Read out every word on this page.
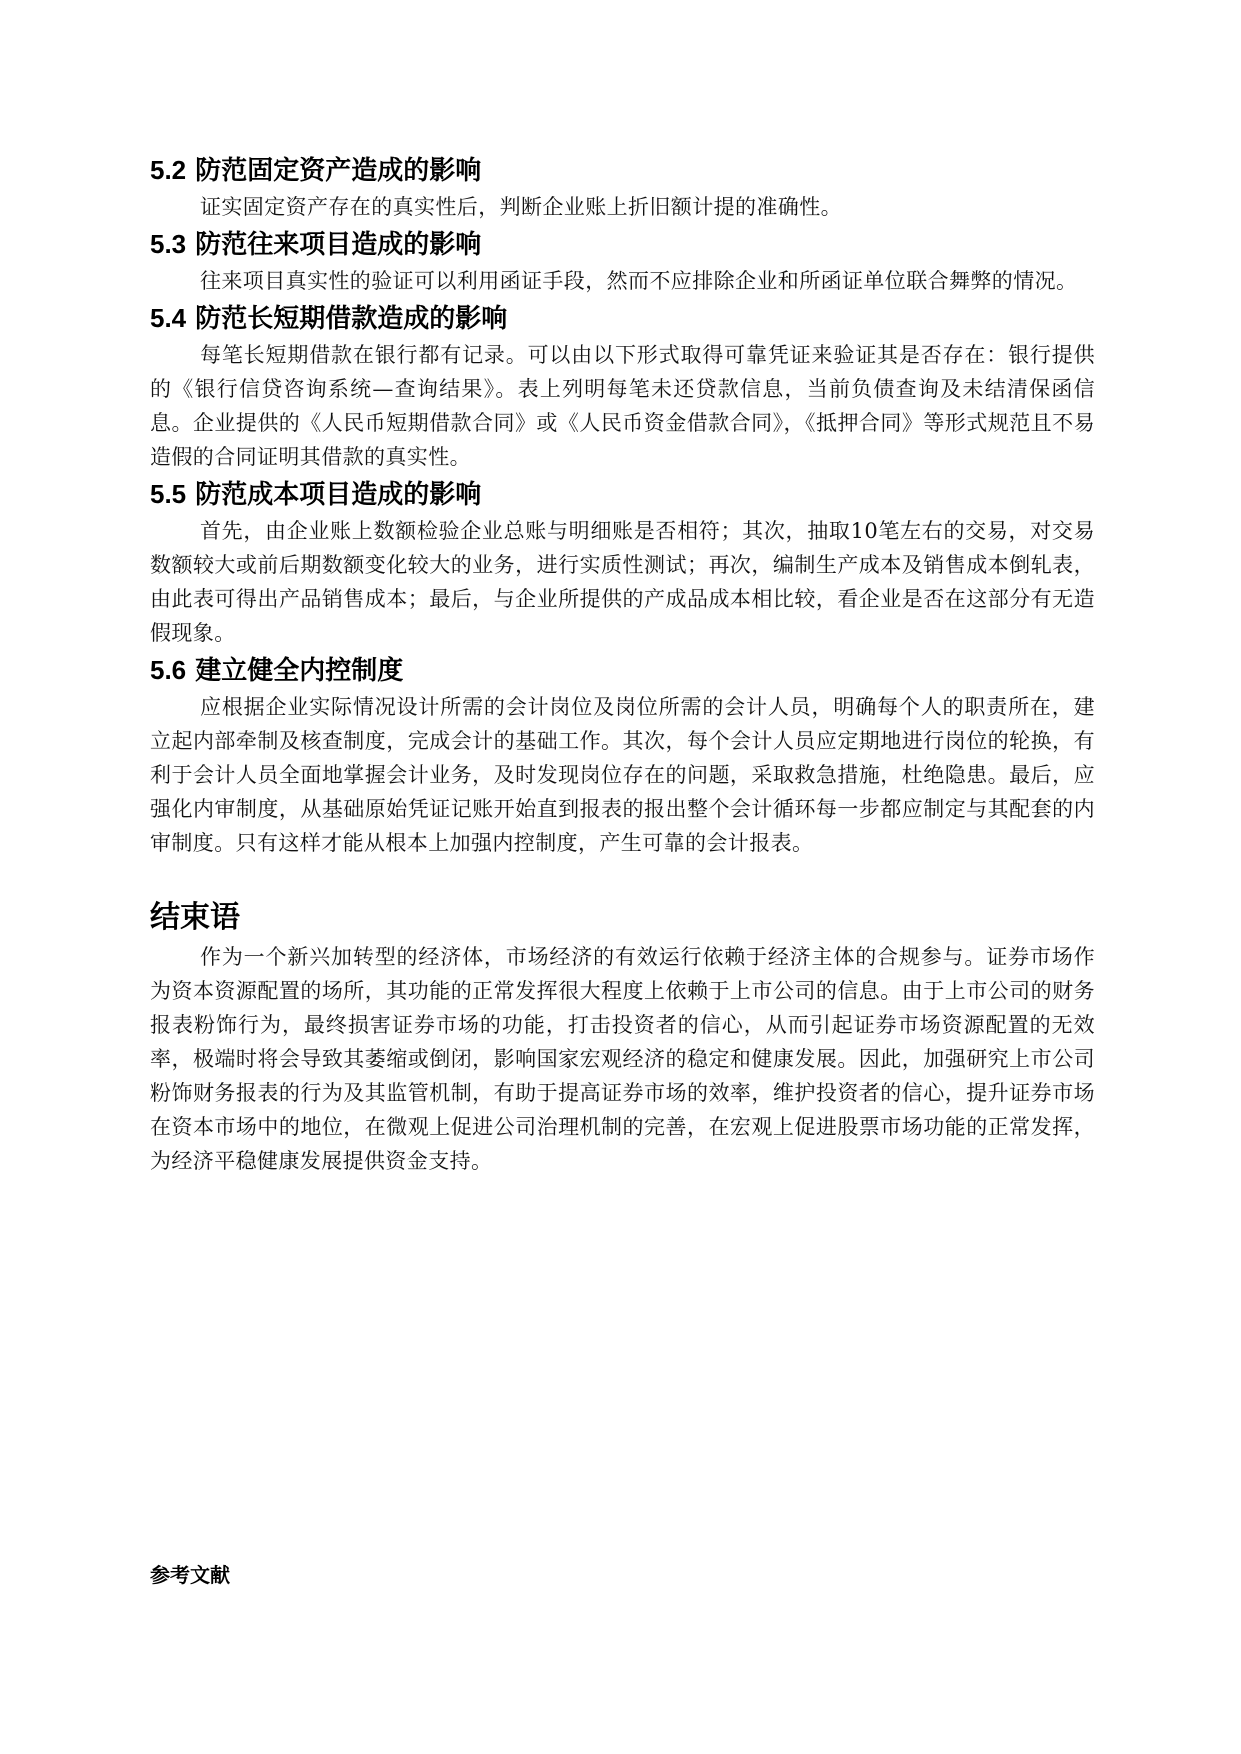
5.2 防范固定资产造成的影响

证实固定资产存在的真实性后，判断企业账上折旧额计提的准确性。

5.3 防范往来项目造成的影响

往来项目真实性的验证可以利用函证手段，然而不应排除企业和所函证单位联合舞弊的情况。

5.4 防范长短期借款造成的影响

每笔长短期借款在银行都有记录。可以由以下形式取得可靠凭证来验证其是否存在：银行提供的《银行信贷咨询系统—查询结果》。表上列明每笔未还贷款信息，当前负债查询及未结清保函信息。企业提供的《人民币短期借款合同》或《人民币资金借款合同》，《抵押合同》等形式规范且不易造假的合同证明其借款的真实性。

5.5 防范成本项目造成的影响

首先，由企业账上数额检验企业总账与明细账是否相符；其次，抽取10笔左右的交易，对交易数额较大或前后期数额变化较大的业务，进行实质性测试；再次，编制生产成本及销售成本倒轧表，由此表可得出产品销售成本；最后，与企业所提供的产成品成本相比较，看企业是否在这部分有无造假现象。

5.6 建立健全内控制度

应根据企业实际情况设计所需的会计岗位及岗位所需的会计人员，明确每个人的职责所在，建立起内部牵制及核查制度，完成会计的基础工作。其次，每个会计人员应定期地进行岗位的轮换，有利于会计人员全面地掌握会计业务，及时发现岗位存在的问题，采取救急措施，杜绝隐患。最后，应强化内审制度，从基础原始凭证记账开始直到报表的报出整个会计循环每一步都应制定与其配套的内审制度。只有这样才能从根本上加强内控制度，产生可靠的会计报表。

结束语

作为一个新兴加转型的经济体，市场经济的有效运行依赖于经济主体的合规参与。证券市场作为资本资源配置的场所，其功能的正常发挥很大程度上依赖于上市公司的信息。由于上市公司的财务报表粉饰行为，最终损害证券市场的功能，打击投资者的信心，从而引起证券市场资源配置的无效率，极端时将会导致其萎缩或倒闭，影响国家宏观经济的稳定和健康发展。因此，加强研究上市公司粉饰财务报表的行为及其监管机制，有助于提高证券市场的效率，维护投资者的信心，提升证券市场在资本市场中的地位，在微观上促进公司治理机制的完善，在宏观上促进股票市场功能的正常发挥，为经济平稳健康发展提供资金支持。

参考文献
